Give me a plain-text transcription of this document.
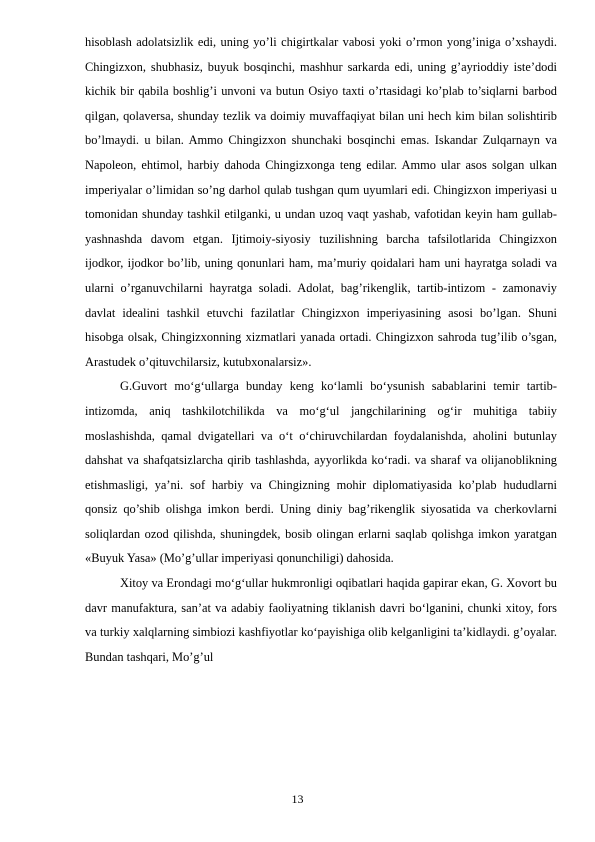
hisoblash adolatsizlik edi, uning yo’li chigirtkalar vabosi yoki o’rmon yong’iniga o’xshaydi. Chingizxon, shubhasiz, buyuk bosqinchi, mashhur sarkarda edi, uning g’ayrioddiy iste’dodi kichik bir qabila boshlig’i unvoni va butun Osiyo taxti o’rtasidagi ko’plab to’siqlarni barbod qilgan, qolaversa, shunday tezlik va doimiy muvaffaqiyat bilan uni hech kim bilan solishtirib bo’lmaydi. u bilan. Ammo Chingizxon shunchaki bosqinchi emas. Iskandar Zulqarnayn va Napoleon, ehtimol, harbiy dahoda Chingizxonga teng edilar. Ammo ular asos solgan ulkan imperiyalar o’limidan so’ng darhol qulab tushgan qum uyumlari edi. Chingizxon imperiyasi u tomonidan shunday tashkil etilganki, u undan uzoq vaqt yashab, vafotidan keyin ham gullab-yashnashda davom etgan. Ijtimoiy-siyosiy tuzilishning barcha tafsilotlarida Chingizxon ijodkor, ijodkor bo’lib, uning qonunlari ham, ma’muriy qoidalari ham uni hayratga soladi va ularni o’rganuvchilarni hayratga soladi. Adolat, bag’rikenglik, tartib-intizom - zamonaviy davlat idealini tashkil etuvchi fazilatlar Chingizxon imperiyasining asosi bo’lgan. Shuni hisobga olsak, Chingizxonning xizmatlari yanada ortadi. Chingizxon sahroda tug’ilib o’sgan, Arastudek o’qituvchilarsiz, kutubxonalarsiz».

G.Guvort mo‘g‘ullarga bunday keng ko‘lamli bo‘ysunish sabablarini temir tartib-intizomda, aniq tashkilotchilikda va mo‘g‘ul jangchilarining og‘ir muhitiga tabiiy moslashishda, qamal dvigatellari va o‘t o‘chiruvchilardan foydalanishda, aholini butunlay dahshat va shafqatsizlarcha qirib tashlashda, ayyorlikda ko‘radi. va sharaf va olijanoblikning etishmasligi, ya’ni. sof harbiy va Chingizning mohir diplomatiyasida ko’plab hududlarni qonsiz qo’shib olishga imkon berdi. Uning diniy bag’rikenglik siyosatida va cherkovlarni soliqlardan ozod qilishda, shuningdek, bosib olingan erlarni saqlab qolishga imkon yaratgan «Buyuk Yasa» (Mo’g’ullar imperiyasi qonunchiligi) dahosida.

Xitoy va Erondagi mo‘g‘ullar hukmronligi oqibatlari haqida gapirar ekan, G. Xovort bu davr manufaktura, san’at va adabiy faoliyatning tiklanish davri bo‘lganini, chunki xitoy, fors va turkiy xalqlarning simbiozi kashfiyotlar ko‘payishiga olib kelganligini ta’kidlaydi. g’oyalar. Bundan tashqari, Mo’g’ul

13
